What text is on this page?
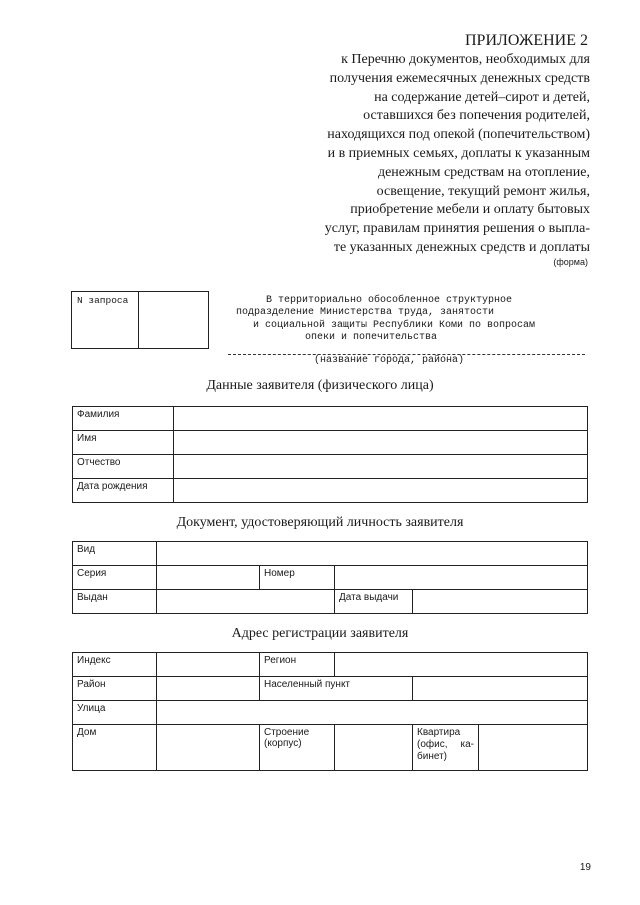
ПРИЛОЖЕНИЕ 2
к Перечню документов, необходимых для
получения ежемесячных денежных средств
на содержание детей–сирот и детей,
оставшихся без попечения родителей,
находящихся под опекой (попечительством)
и в приемных семьях, доплаты к указанным
денежным средствам на отопление,
освещение, текущий ремонт жилья,
приобретение мебели и оплату бытовых
услуг, правилам принятия решения о выпла-
те указанных денежных средств и доплаты
(форма)
N запроса	В территориально обособленное структурное
подразделение Министерства труда, занятости
и социальной защиты Республики Коми по вопросам
опеки и попечительства
(название города, района)
Данные заявителя (физического лица)
Фамилия	
Имя	
Отчество	
Дата рождения	
Документ, удостоверяющий личность заявителя
Вид				
Серия		Номер		
Выдан			Дата выдачи	
Адрес регистрации заявителя
Индекс		Регион			
Район		Населенный пункт			
Улица					
Дом		Строение (корпус)		Квартира (офис, ка-бинет)	
19
